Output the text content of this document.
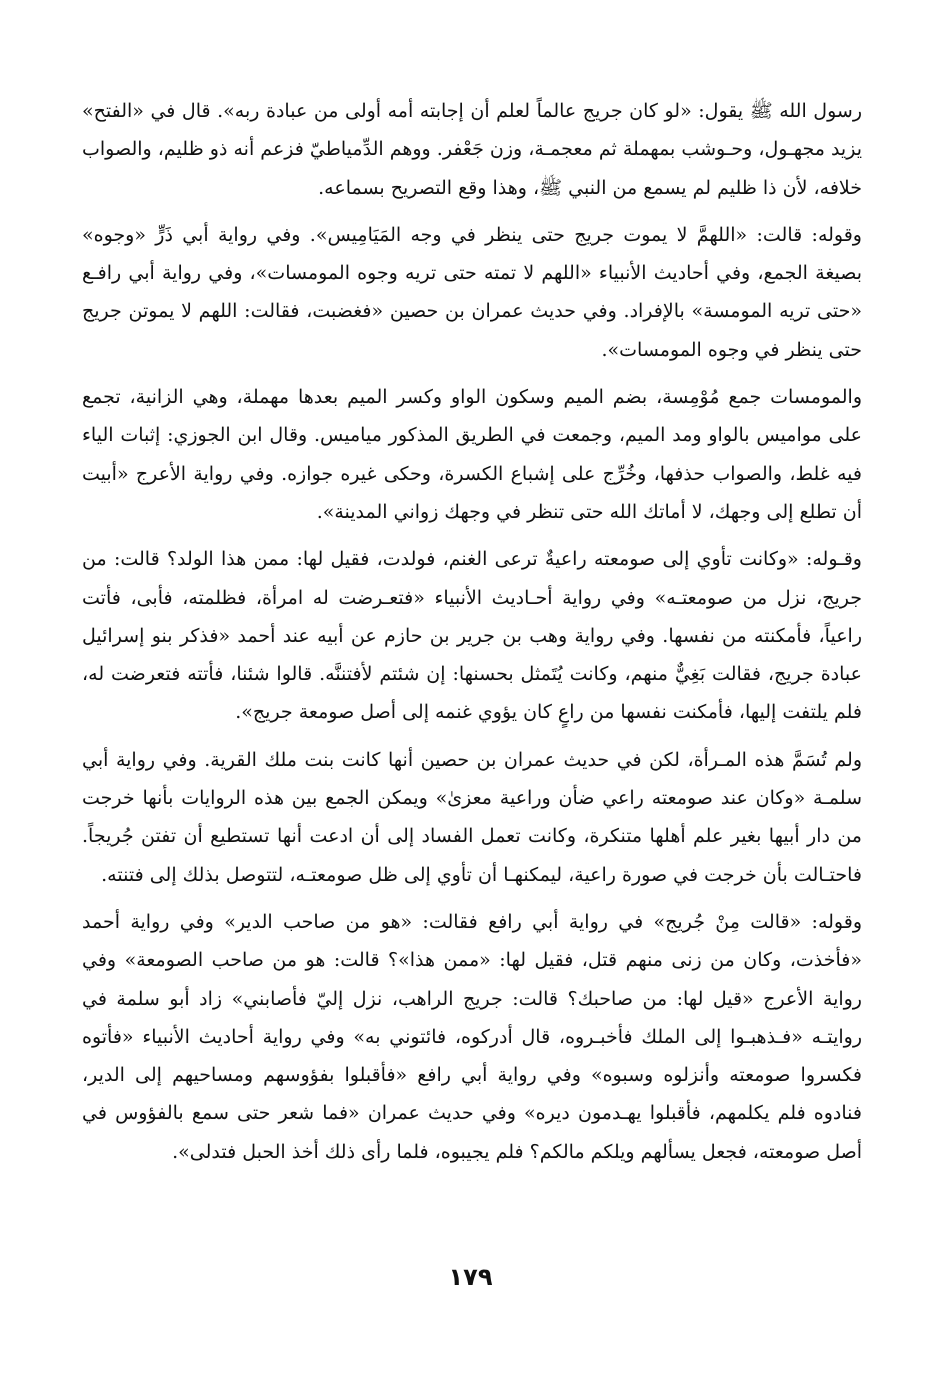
رسول الله ﷺ يقول: «لو كان جريج عالماً لعلم أن إجابته أمه أولى من عبادة ربه». قال في «الفتح» يزيد مجهـول، وحـوشب بمهملة ثم معجمـة، وزن جَعْفر. ووهم الدِّمياطيّ فزعم أنه ذو ظليم، والصواب خلافه، لأن ذا ظليم لم يسمع من النبي ﷺ، وهذا وقع التصريح بسماعه.

وقوله: قالت: «اللهمَّ لا يموت جريج حتى ينظر في وجه المَيَامِيس». وفي رواية أبي ذَرٍّ «وجوه» بصيغة الجمع، وفي أحاديث الأنبياء «اللهم لا تمته حتى تريه وجوه المومسات»، وفي رواية أبي رافـع «حتى تريه المومسة» بالإفراد. وفي حديث عمران بن حصين «فغضبت، فقالت: اللهم لا يموتن جريج حتى ينظر في وجوه المومسات».

والمومسات جمع مُوْمِسة، بضم الميم وسكون الواو وكسر الميم بعدها مهملة، وهي الزانية، تجمع على مواميس بالواو ومد الميم، وجمعت في الطريق المذكور مياميس. وقال ابن الجوزي: إثبات الياء فيه غلط، والصواب حذفها، وخُرِّج على إشباع الكسرة، وحكى غيره جوازه. وفي رواية الأعرج «أبيت أن تطلع إلى وجهك، لا أماتك الله حتى تنظر في وجهك زواني المدينة».

وقـوله: «وكانت تأوي إلى صومعته راعيةٌ ترعى الغنم، فولدت، فقيل لها: ممن هذا الولد؟ قالت: من جريج، نزل من صومعتـه» وفي رواية أحـاديث الأنبياء «فتعـرضت له امرأة، فظلمته، فأبى، فأتت راعياً، فأمكنته من نفسها. وفي رواية وهب بن جرير بن حازم عن أبيه عند أحمد «فذكر بنو إسرائيل عبادة جريج، فقالت بَغِيٌّ منهم، وكانت يُتَمثل بحسنها: إن شئتم لأفتننَّه. قالوا شئنا، فأتته فتعرضت له، فلم يلتفت إليها، فأمكنت نفسها من راعٍ كان يؤوي غنمه إلى أصل صومعة جريج».

ولم تُسَمَّ هذه المـرأة، لكن في حديث عمران بن حصين أنها كانت بنت ملك القرية. وفي رواية أبي سلمـة «وكان عند صومعته راعي ضأن وراعية معزىٰ» ويمكن الجمع بين هذه الروايات بأنها خرجت من دار أبيها بغير علم أهلها متنكرة، وكانت تعمل الفساد إلى أن ادعت أنها تستطيع أن تفتن جُريجاً. فاحتـالت بأن خرجت في صورة راعية، ليمكنهـا أن تأوي إلى ظل صومعتـه، لتتوصل بذلك إلى فتنته.

وقوله: «قالت مِنْ جُريج» في رواية أبي رافع فقالت: «هو من صاحب الدير» وفي رواية أحمد «فأخذت، وكان من زنى منهم قتل، فقيل لها: «ممن هذا»؟ قالت: هو من صاحب الصومعة» وفي رواية الأعرج «قيل لها: من صاحبك؟ قالت: جريج الراهب، نزل إليّ فأصابني» زاد أبو سلمة في روايتـه «فـذهبـوا إلى الملك فأخبـروه، قال أدركوه، فائتوني به» وفي رواية أحاديث الأنبياء «فأتوه فكسروا صومعته وأنزلوه وسبوه» وفي رواية أبي رافع «فأقبلوا بفؤوسهم ومساحيهم إلى الدير، فنادوه فلم يكلمهم، فأقبلوا يهـدمون ديره» وفي حديث عمران «فما شعر حتى سمع بالفؤوس في أصل صومعته، فجعل يسألهم ويلكم مالكم؟ فلم يجيبوه، فلما رأى ذلك أخذ الحبل فتدلى».

١٧٩
